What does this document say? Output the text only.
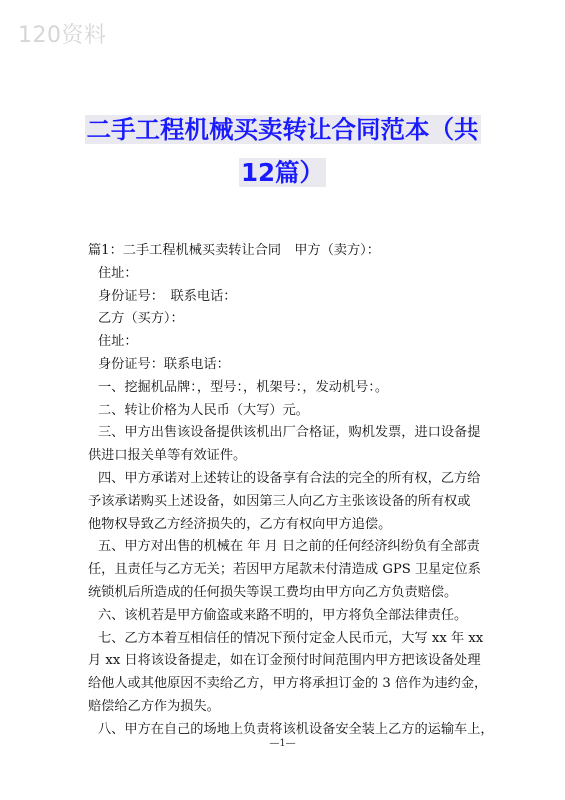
120资料
二手工程机械买卖转让合同范本（共
12篇）

篇1：二手工程机械买卖转让合同　甲方（卖方）：

住址：

身份证号：　联系电话：

乙方（买方）：

住址：

身份证号：联系电话：

一、挖掘机品牌：，型号：，机架号：，发动机号：。

二、转让价格为人民币（大写）元。

三、甲方出售该设备提供该机出厂合格证，购机发票，进口设备提

供进口报关单等有效证件。

四、甲方承诺对上述转让的设备享有合法的完全的所有权，乙方给

予该承诺购买上述设备，如因第三人向乙方主张该设备的所有权或

他物权导致乙方经济损失的，乙方有权向甲方追偿。

五、甲方对出售的机械在 年 月 日之前的任何经济纠纷负有全部责

任，且责任与乙方无关；若因甲方尾款未付清造成 GPS 卫星定位系

统锁机后所造成的任何损失等误工费均由甲方向乙方负责赔偿。

六、该机若是甲方偷盗或来路不明的，甲方将负全部法律责任。

七、乙方本着互相信任的情况下预付定金人民币元，大写 xx 年 xx

月 xx 日将该设备提走，如在订金预付时间范围内甲方把该设备处理

给他人或其他原因不卖给乙方，甲方将承担订金的 3 倍作为违约金，

赔偿给乙方作为损失。

八、甲方在自己的场地上负责将该机设备安全装上乙方的运输车上，

—1—
